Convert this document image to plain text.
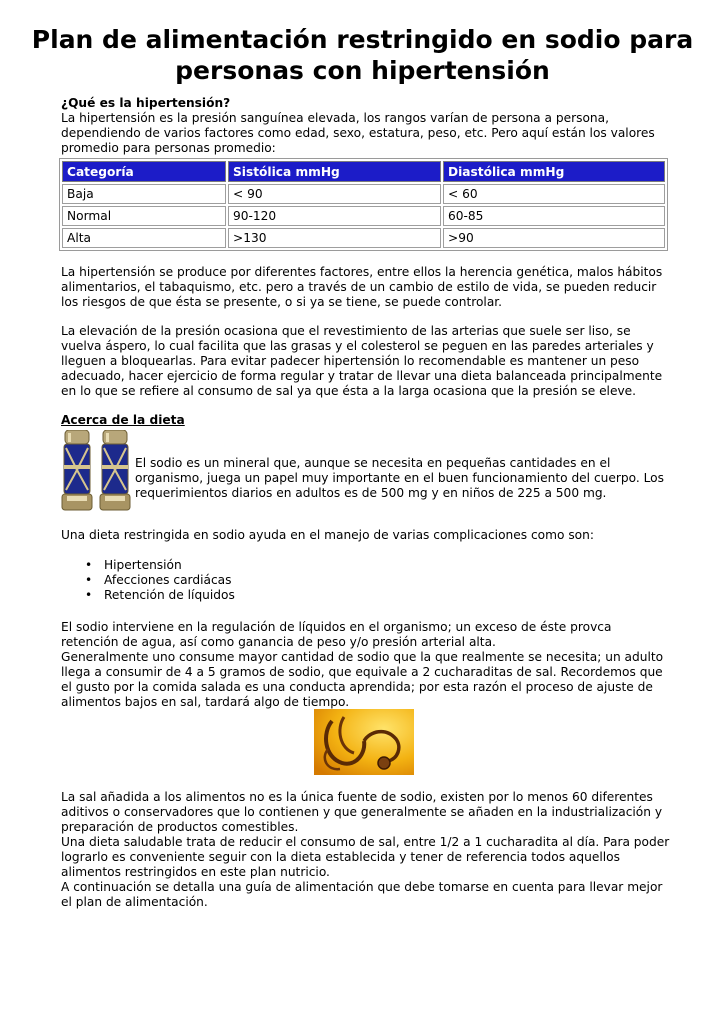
Plan de alimentación restringido en sodio para personas con hipertensión

¿Qué es la hipertensión?

La hipertensión es la presión sanguínea elevada, los rangos varían de persona a persona, dependiendo de varios factores como edad, sexo, estatura, peso, etc. Pero aquí están los valores promedio para personas promedio:

Categoría	Sistólica mmHg	Diastólica mmHg
Baja	< 90	< 60
Normal	90-120	60-85
Alta	>130	>90

La hipertensión se produce por diferentes factores, entre ellos la herencia genética, malos hábitos alimentarios, el tabaquismo, etc. pero a través de un cambio de estilo de vida, se pueden reducir los riesgos de que ésta se presente, o si ya se tiene, se puede controlar.

La elevación de la presión ocasiona que el revestimiento de las arterias que suele ser liso, se vuelva áspero, lo cual facilita que las grasas y el colesterol se peguen en las paredes arteriales y lleguen a bloquearlas. Para evitar padecer hipertensión lo recomendable es mantener un peso adecuado, hacer ejercicio de forma regular y tratar de llevar una dieta balanceada principalmente en lo que se refiere al consumo de sal ya que ésta a la larga ocasiona que la presión se eleve.

Acerca de la dieta

El sodio es un mineral que, aunque se necesita en pequeñas cantidades en el organismo, juega un papel muy importante en el buen funcionamiento del cuerpo. Los requerimientos diarios en adultos es de 500 mg y en niños de 225 a 500 mg.

Una dieta restringida en sodio ayuda en el manejo de varias complicaciones como son:

• Hipertensión
• Afecciones cardiácas
• Retención de líquidos

El sodio interviene en la regulación de líquidos en el organismo; un exceso de éste provca retención de agua, así como ganancia de peso y/o presión arterial alta.

Generalmente uno consume mayor cantidad de sodio que la que realmente se necesita; un adulto llega a consumir de 4 a 5 gramos de sodio, que equivale a 2 cucharaditas de sal. Recordemos que el gusto por la comida salada es una conducta aprendida; por esta razón el proceso de ajuste de alimentos bajos en sal, tardará algo de tiempo.

La sal añadida a los alimentos no es la única fuente de sodio, existen por lo menos 60 diferentes aditivos o conservadores que lo contienen y que generalmente se añaden en la industrialización y preparación de productos comestibles.

Una dieta saludable trata de reducir el consumo de sal, entre 1/2 a 1 cucharadita al día. Para poder lograrlo es conveniente seguir con la dieta establecida y tener de referencia todos aquellos alimentos restringidos en este plan nutricio.

A continuación se detalla una guía de alimentación que debe tomarse en cuenta para llevar mejor el plan de alimentación.
